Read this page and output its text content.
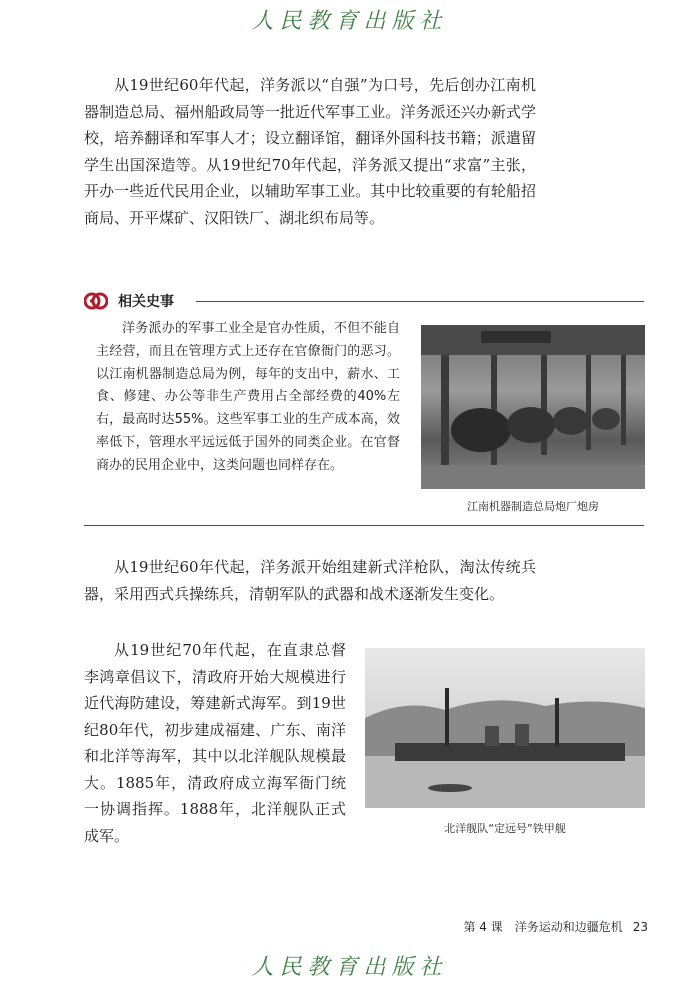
人民教育出版社

从19世纪60年代起，洋务派以“自强”为口号，先后创办江南机器制造总局、福州船政局等一批近代军事工业。洋务派还兴办新式学校，培养翻译和军事人才；设立翻译馆，翻译外国科技书籍；派遣留学生出国深造等。从19世纪70年代起，洋务派又提出“求富”主张，开办一些近代民用企业，以辅助军事工业。其中比较重要的有轮船招商局、开平煤矿、汉阳铁厂、湖北织布局等。

相关史事

洋务派办的军事工业全是官办性质，不但不能自主经营，而且在管理方式上还存在官僚衙门的恶习。以江南机器制造总局为例，每年的支出中，薪水、工食、修建、办公等非生产费用占全部经费的40%左右，最高时达55%。这些军事工业的生产成本高，效率低下，管理水平远远低于国外的同类企业。在官督商办的民用企业中，这类问题也同样存在。

江南机器制造总局炮厂炮房

从19世纪60年代起，洋务派开始组建新式洋枪队，淘汰传统兵器，采用西式兵操练兵，清朝军队的武器和战术逐渐发生变化。

从19世纪70年代起，在直隶总督李鸿章倡议下，清政府开始大规模进行近代海防建设，筹建新式海军。到19世纪80年代，初步建成福建、广东、南洋和北洋等海军，其中以北洋舰队规模最大。1885年，清政府成立海军衙门统一协调指挥。1888年，北洋舰队正式成军。	北洋舰队“定远号”铁甲舰
第 4 课　洋务运动和边疆危机 23
人民教育出版社
